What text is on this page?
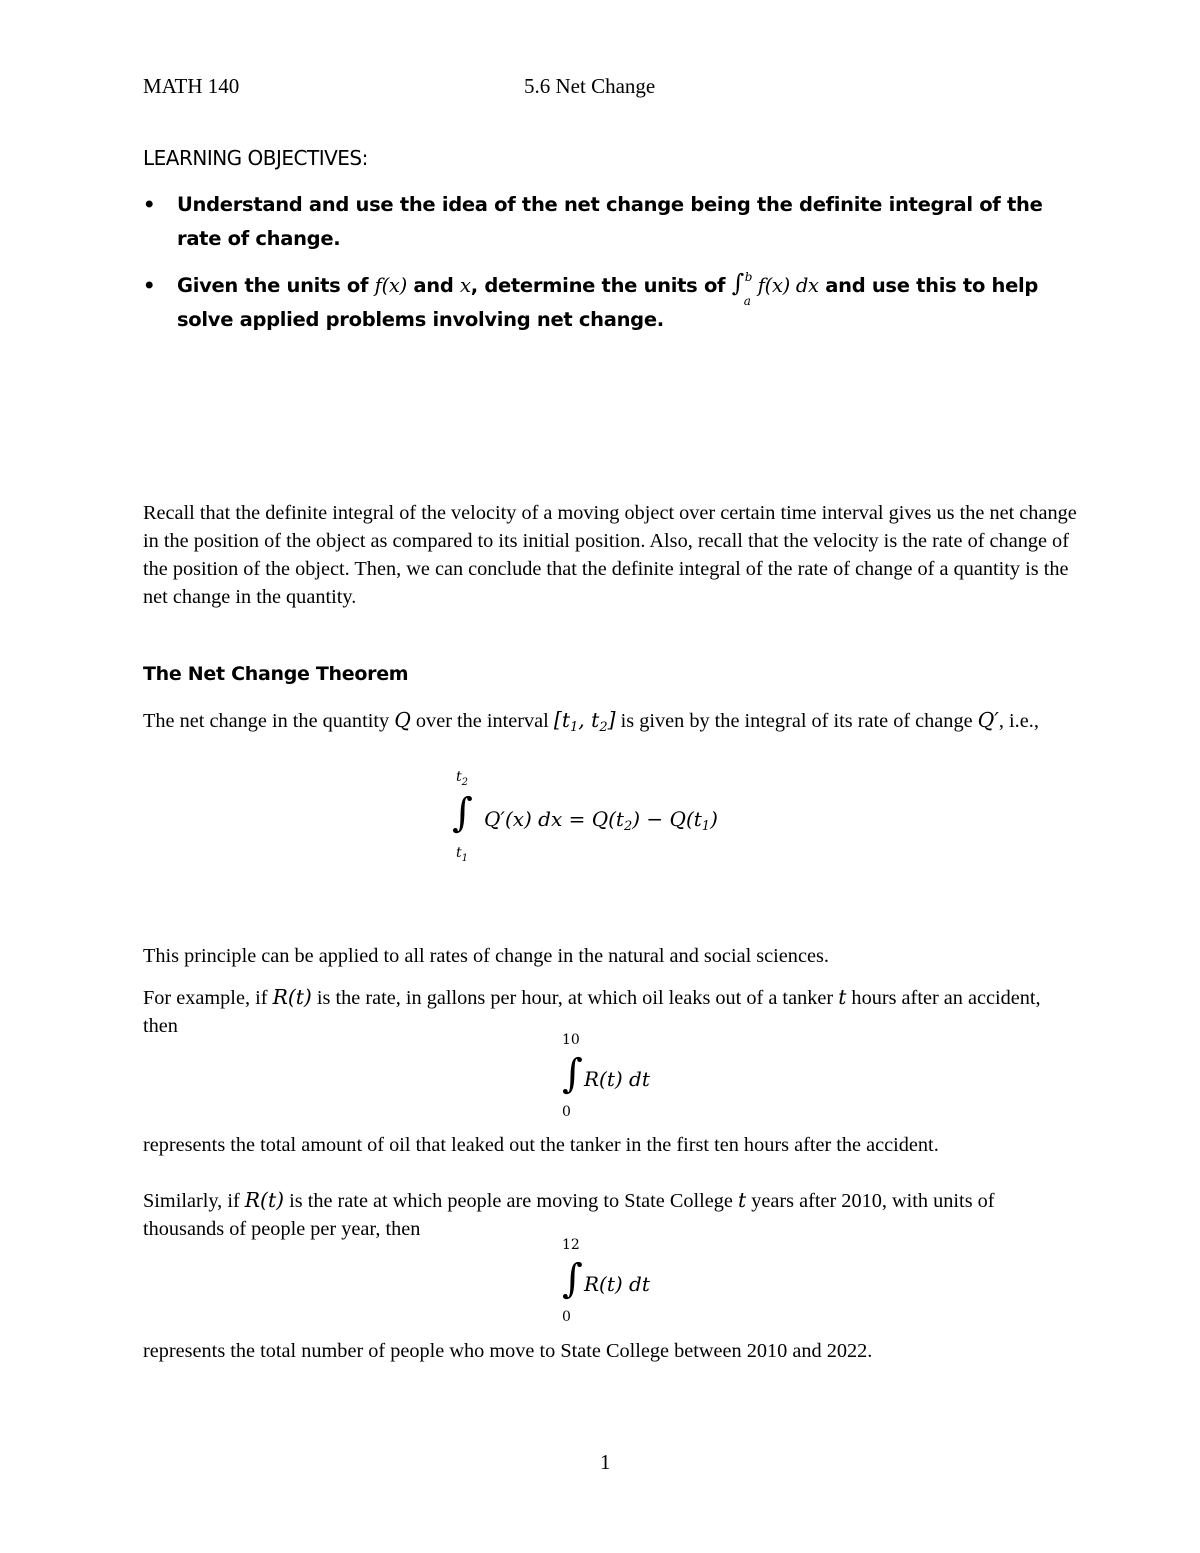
MATH 140	5.6 Net Change
LEARNING OBJECTIVES:
• Understand and use the idea of the net change being the definite integral of the rate of change.
• Given the units of f(x) and x, determine the units of ∫ b
a
f(x) dx and use this to help solve applied problems involving net change.
Recall that the definite integral of the velocity of a moving object over certain time interval gives us the net change in the position of the object as compared to its initial position. Also, recall that the velocity is the rate of change of the position of the object. Then, we can conclude that the definite integral of the rate of change of a quantity is the net change in the quantity.
The Net Change Theorem
The net change in the quantity Q over the interval [$t_1$, $t_2$] is given by the integral of its rate of change Q′, i.e.,
$t_2$
∫
$t_1$
Q′(x) dx = $Q(t_2) - Q(t_1)$
This principle can be applied to all rates of change in the natural and social sciences.
For example, if R(t) is the rate, in gallons per hour, at which oil leaks out of a tanker t hours after an accident, then
10
∫
0
R(t) dt
represents the total amount of oil that leaked out the tanker in the first ten hours after the accident.
Similarly, if R(t) is the rate at which people are moving to State College t years after 2010, with units of thousands of people per year, then
12
∫
0
R(t) dt
represents the total number of people who move to State College between 2010 and 2022.
1
